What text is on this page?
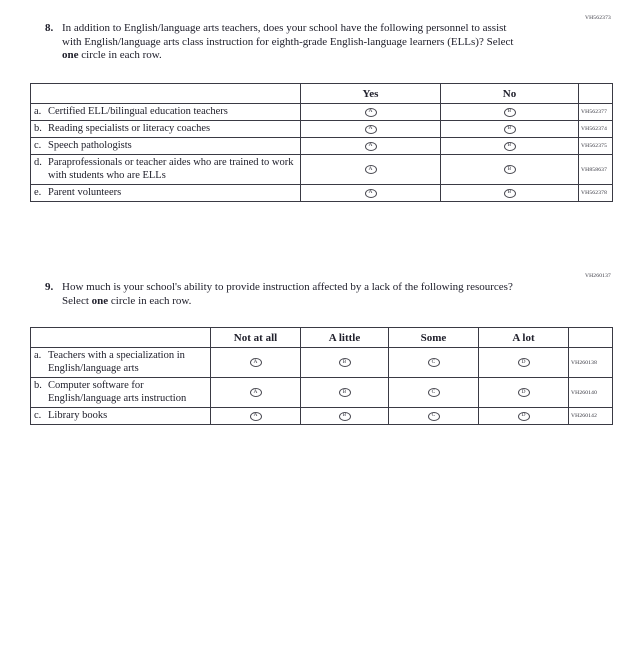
VH562373
8. In addition to English/language arts teachers, does your school have the following personnel to assist with English/language arts class instruction for eighth-grade English-language learners (ELLs)? Select one circle in each row.
	Yes	No	

a. Certified ELL/bilingual education teachers	A	B	VH562377

b. Reading specialists or literacy coaches	A	B	VH562374

c. Speech pathologists	A	B	VH562375

d. Paraprofessionals or teacher aides who are trained to work with students who are ELLs	A	B	VH858637

e. Parent volunteers	A	B	VH562378
VH260137
9. How much is your school's ability to provide instruction affected by a lack of the following resources? Select one circle in each row.
	Not at all	A little	Some	A lot	

a. Teachers with a specialization in English/language arts	A	B	C	D	VH260138

b. Computer software for English/language arts instruction	A	B	C	D	VH260140

c. Library books	A	B	C	D	VH260142
